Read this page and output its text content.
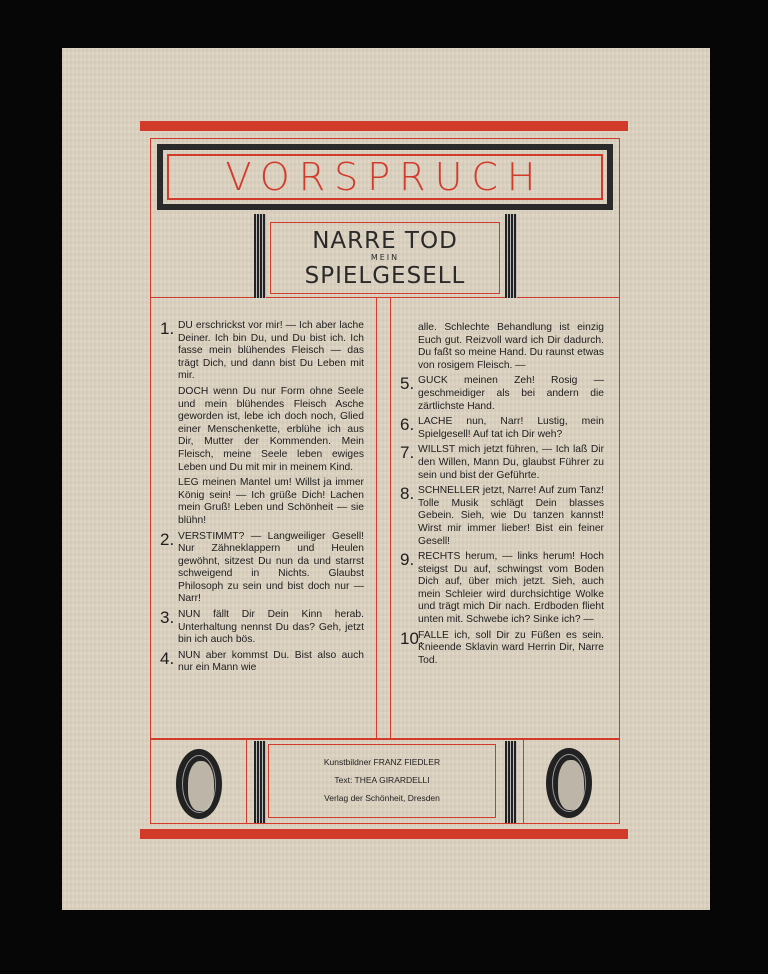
VORSPRUCH
NARRE TOD
MEIN
SPIELGESELL
1. DU erschrickst vor mir! — Ich aber lache Deiner. Ich bin Du, und Du bist ich. Ich fasse mein blühendes Fleisch — das trägt Dich, und dann bist Du Leben mit mir.

DOCH wenn Du nur Form ohne Seele und mein blühendes Fleisch Asche geworden ist, lebe ich doch noch, Glied einer Menschenkette, erblühe ich aus Dir, Mutter der Kommenden. Mein Fleisch, meine Seele leben ewiges Leben und Du mit mir in meinem Kind.

LEG meinen Mantel um! Willst ja immer König sein! — Ich grüße Dich! Lachen mein Gruß! Leben und Schönheit — sie blühn!

2. VERSTIMMT? — Langweiliger Gesell! Nur Zähneklappern und Heulen gewöhnt, sitzest Du nun da und starrst schweigend in Nichts. Glaubst Philosoph zu sein und bist doch nur — Narr!

3. NUN fällt Dir Dein Kinn herab. Unterhaltung nennst Du das? Geh, jetzt bin ich auch bös.

4. NUN aber kommst Du. Bist also auch nur ein Mann wie

alle. Schlechte Behandlung ist einzig Euch gut. Reizvoll ward ich Dir dadurch. Du faßt so meine Hand. Du raunst etwas von rosigem Fleisch. —

5. GUCK meinen Zeh! Rosig — geschmeidiger als bei andern die zärtlichste Hand.

6. LACHE nun, Narr! Lustig, mein Spielgesell! Auf tat ich Dir weh?

7. WILLST mich jetzt führen, — Ich laß Dir den Willen, Mann Du, glaubst Führer zu sein und bist der Geführte.

8. SCHNELLER jetzt, Narre! Auf zum Tanz! Tolle Musik schlägt Dein blasses Gebein. Sieh, wie Du tanzen kannst! Wirst mir immer lieber! Bist ein feiner Gesell!

9. RECHTS herum, — links herum! Hoch steigst Du auf, schwingst vom Boden Dich auf, über mich jetzt. Sieh, auch mein Schleier wird durchsichtige Wolke und trägt mich Dir nach. Erdboden flieht unten mit. Schwebe ich? Sinke ich? —

10.

FALLE ich, soll Dir zu Füßen es sein. Knieende Sklavin ward Herrin Dir, Narre Tod.

Kunstbildner FRANZ FIEDLER
Text: THEA GIRARDELLI
Verlag der Schönheit, Dresden
